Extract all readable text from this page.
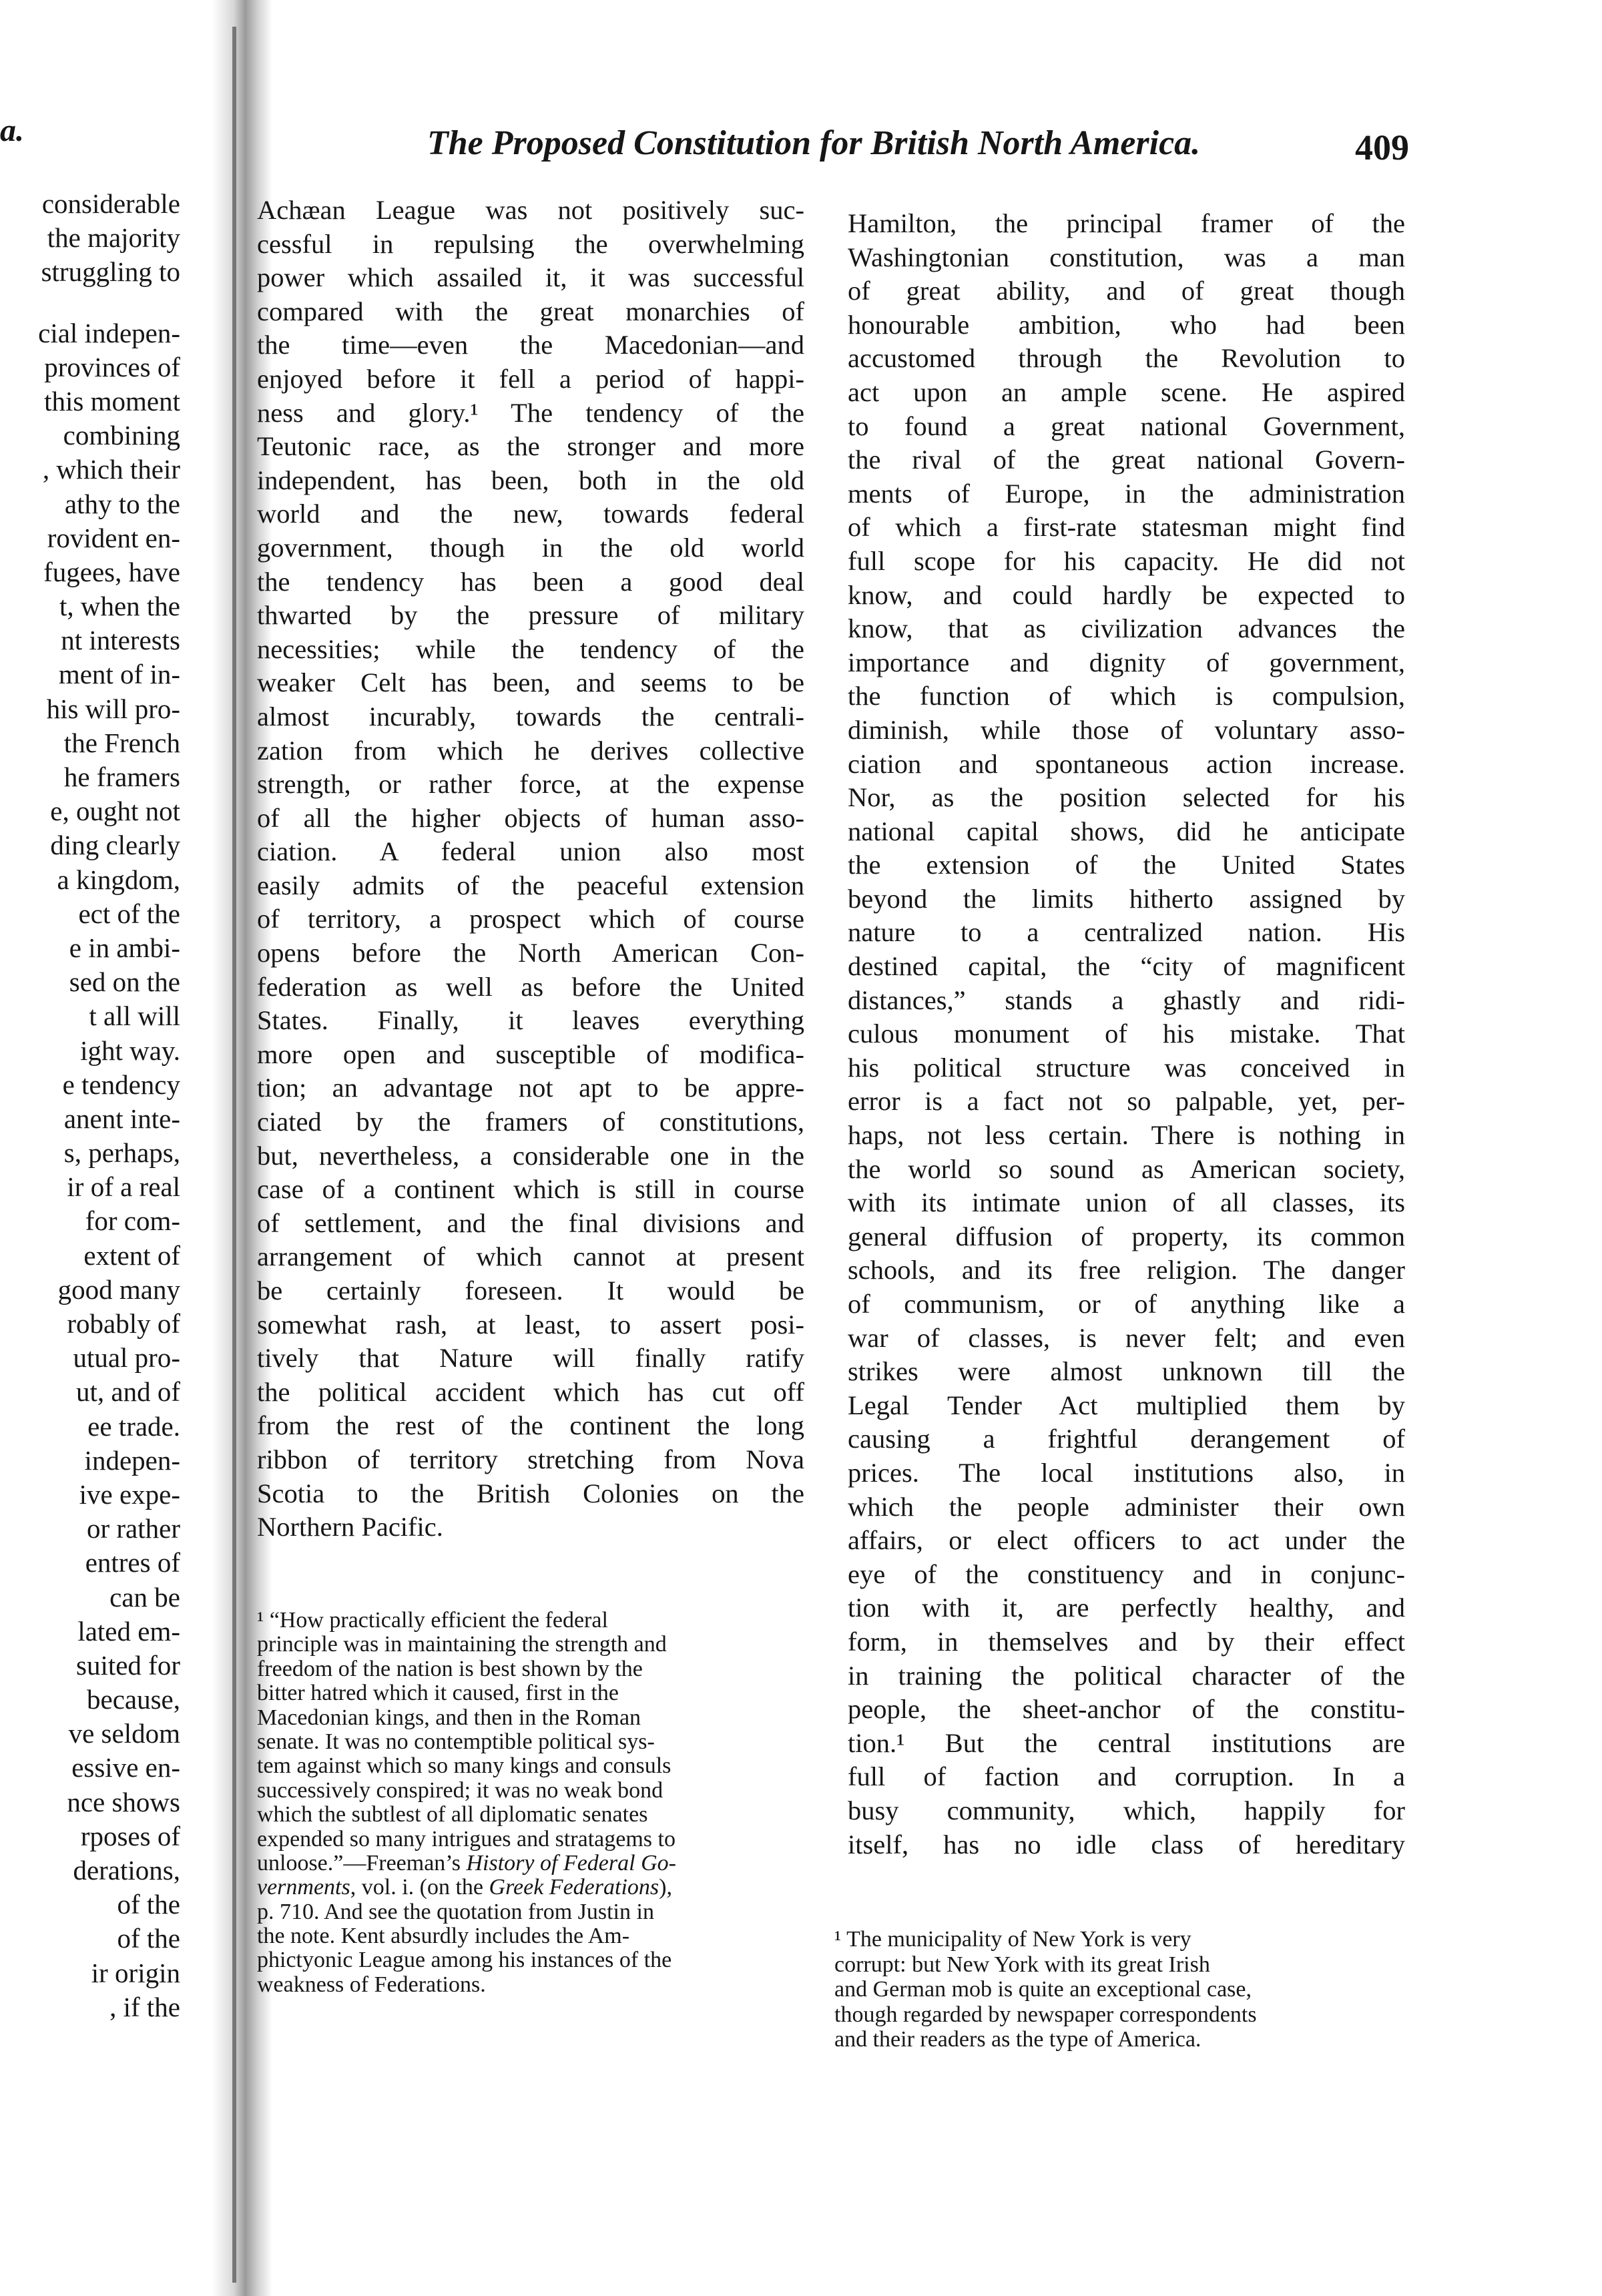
a.
considerable
the majority
struggling to
cial indepen-
provinces of
this moment
combining
, which their
athy to the
rovident en-
fugees, have
t, when the
nt interests
ment of in-
his will pro-
the French
he framers
e, ought not
ding clearly
a kingdom,
ect of the
e in ambi-
sed on the
t all will
ight way.
e tendency
anent inte-
s, perhaps,
ir of a real
for com-
extent of
good many
robably of
utual pro-
ut, and of
ee trade.
indepen-
ive expe-
or rather
entres of
can be
lated em-
suited for
because,
ve seldom
essive en-
nce shows
rposes of
derations,
of the
of the
ir origin
, if the
The Proposed Constitution for British North America.	409
Achæan League was not positively suc-
cessful in repulsing the overwhelming
power which assailed it, it was successful
compared with the great monarchies of
the time—even the Macedonian—and
enjoyed before it fell a period of happi-
ness and glory.¹ The tendency of the
Teutonic race, as the stronger and more
independent, has been, both in the old
world and the new, towards federal
government, though in the old world
the tendency has been a good deal
thwarted by the pressure of military
necessities; while the tendency of the
weaker Celt has been, and seems to be
almost incurably, towards the centrali-
zation from which he derives collective
strength, or rather force, at the expense
of all the higher objects of human asso-
ciation. A federal union also most
easily admits of the peaceful extension
of territory, a prospect which of course
opens before the North American Con-
federation as well as before the United
States. Finally, it leaves everything
more open and susceptible of modifica-
tion; an advantage not apt to be appre-
ciated by the framers of constitutions,
but, nevertheless, a considerable one in the
case of a continent which is still in course
of settlement, and the final divisions and
arrangement of which cannot at present
be certainly foreseen. It would be
somewhat rash, at least, to assert posi-
tively that Nature will finally ratify
the political accident which has cut off
from the rest of the continent the long
ribbon of territory stretching from Nova
Scotia to the British Colonies on the
Northern Pacific.
¹ “How practically efficient the federal
principle was in maintaining the strength and
freedom of the nation is best shown by the
bitter hatred which it caused, first in the
Macedonian kings, and then in the Roman
senate. It was no contemptible political sys-
tem against which so many kings and consuls
successively conspired; it was no weak bond
which the subtlest of all diplomatic senates
expended so many intrigues and stratagems to
unloose.”—Freeman’s History of Federal Go-
vernments, vol. i. (on the Greek Federations),
p. 710. And see the quotation from Justin in
the note. Kent absurdly includes the Am-
phictyonic League among his instances of the
weakness of Federations.
Hamilton, the principal framer of the
Washingtonian constitution, was a man
of great ability, and of great though
honourable ambition, who had been
accustomed through the Revolution to
act upon an ample scene. He aspired
to found a great national Government,
the rival of the great national Govern-
ments of Europe, in the administration
of which a first-rate statesman might find
full scope for his capacity. He did not
know, and could hardly be expected to
know, that as civilization advances the
importance and dignity of government,
the function of which is compulsion,
diminish, while those of voluntary asso-
ciation and spontaneous action increase.
Nor, as the position selected for his
national capital shows, did he anticipate
the extension of the United States
beyond the limits hitherto assigned by
nature to a centralized nation. His
destined capital, the “city of magnificent
distances,” stands a ghastly and ridi-
culous monument of his mistake. That
his political structure was conceived in
error is a fact not so palpable, yet, per-
haps, not less certain. There is nothing in
the world so sound as American society,
with its intimate union of all classes, its
general diffusion of property, its common
schools, and its free religion. The danger
of communism, or of anything like a
war of classes, is never felt; and even
strikes were almost unknown till the
Legal Tender Act multiplied them by
causing a frightful derangement of
prices. The local institutions also, in
which the people administer their own
affairs, or elect officers to act under the
eye of the constituency and in conjunc-
tion with it, are perfectly healthy, and
form, in themselves and by their effect
in training the political character of the
people, the sheet-anchor of the constitu-
tion.¹ But the central institutions are
full of faction and corruption. In a
busy community, which, happily for
itself, has no idle class of hereditary
¹ The municipality of New York is very
corrupt: but New York with its great Irish
and German mob is quite an exceptional case,
though regarded by newspaper correspondents
and their readers as the type of America.
